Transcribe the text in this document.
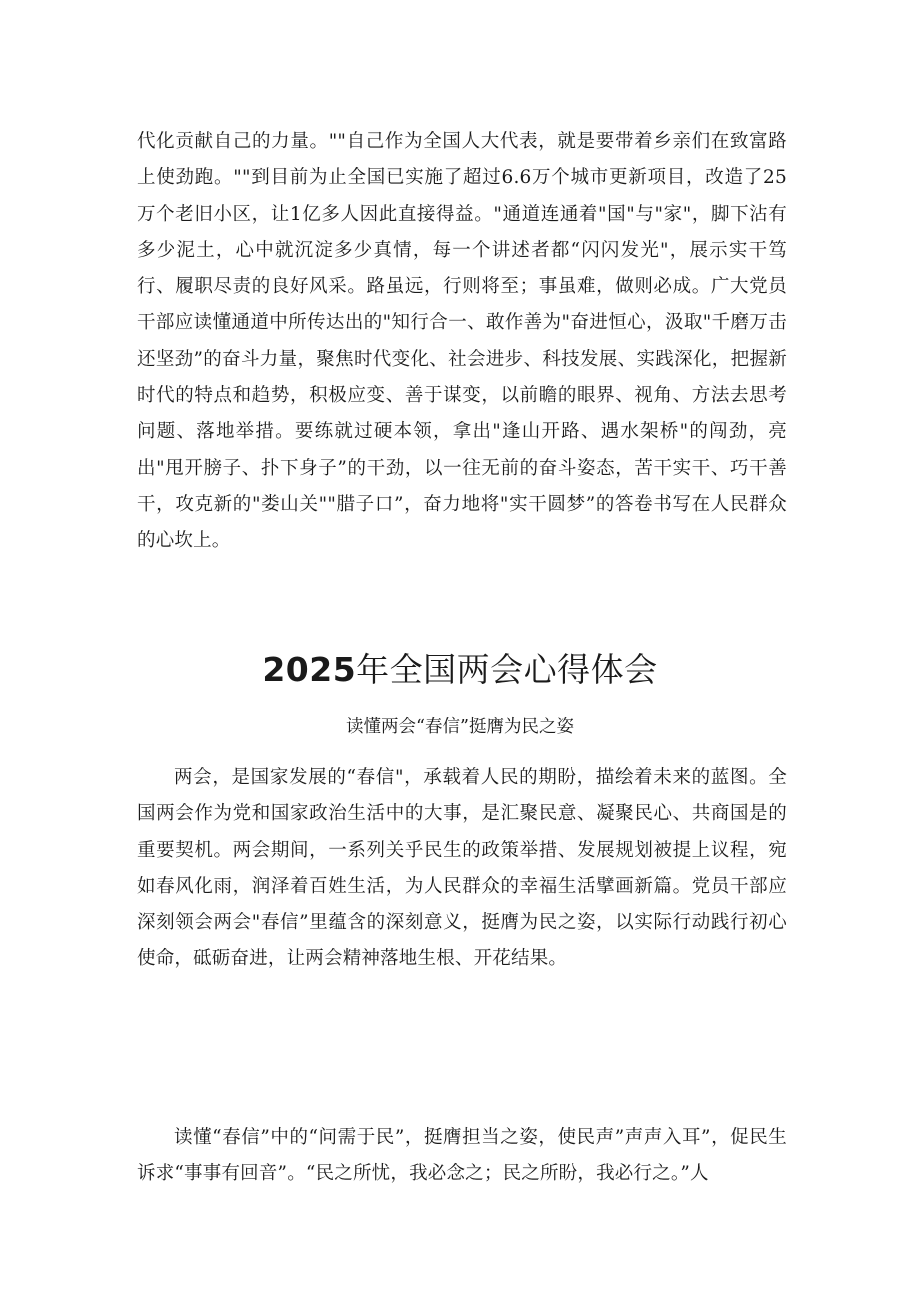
代化贡献自己的力量。""自己作为全国人大代表，就是要带着乡亲们在致富路上使劲跑。""到目前为止全国已实施了超过6.6万个城市更新项目，改造了25万个老旧小区，让1亿多人因此直接得益。"通道连通着"国"与"家"，脚下沾有多少泥土，心中就沉淀多少真情，每一个讲述者都“闪闪发光"，展示实干笃行、履职尽责的良好风采。路虽远，行则将至；事虽难，做则必成。广大党员干部应读懂通道中所传达出的"知行合一、敢作善为"奋进恒心，汲取"千磨万击还坚劲”的奋斗力量，聚焦时代变化、社会进步、科技发展、实践深化，把握新时代的特点和趋势，积极应变、善于谋变，以前瞻的眼界、视角、方法去思考问题、落地举措。要练就过硬本领，拿出"逢山开路、遇水架桥"的闯劲，亮出"甩开膀子、扑下身子”的干劲，以一往无前的奋斗姿态，苦干实干、巧干善干，攻克新的"娄山关""腊子口”，奋力地将"实干圆梦”的答卷书写在人民群众的心坎上。

2025年全国两会心得体会

读懂两会“春信”挺膺为民之姿

两会，是国家发展的“春信"，承载着人民的期盼，描绘着未来的蓝图。全国两会作为党和国家政治生活中的大事，是汇聚民意、凝聚民心、共商国是的重要契机。两会期间，一系列关乎民生的政策举措、发展规划被提上议程，宛如春风化雨，润泽着百姓生活，为人民群众的幸福生活擘画新篇。党员干部应深刻领会两会"春信”里蕴含的深刻意义，挺膺为民之姿，以实际行动践行初心使命，砥砺奋进，让两会精神落地生根、开花结果。

读懂“春信”中的“问需于民”，挺膺担当之姿，使民声”声声入耳”，促民生诉求“事事有回音”。“民之所忧，我必念之；民之所盼，我必行之。”人
